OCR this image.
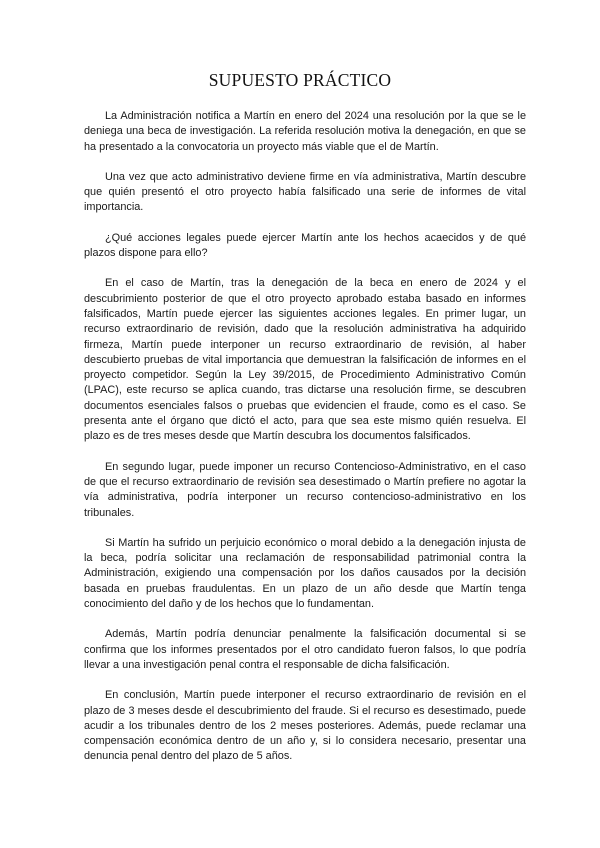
SUPUESTO PRÁCTICO

La Administración notifica a Martín en enero del 2024 una resolución por la que se le deniega una beca de investigación. La referida resolución motiva la denegación, en que se ha presentado a la convocatoria un proyecto más viable que el de Martín.

Una vez que acto administrativo deviene firme en vía administrativa, Martín descubre que quién presentó el otro proyecto había falsificado una serie de informes de vital importancia.

¿Qué acciones legales puede ejercer Martín ante los hechos acaecidos y de qué plazos dispone para ello?

En el caso de Martín, tras la denegación de la beca en enero de 2024 y el descubrimiento posterior de que el otro proyecto aprobado estaba basado en informes falsificados, Martín puede ejercer las siguientes acciones legales. En primer lugar, un recurso extraordinario de revisión, dado que la resolución administrativa ha adquirido firmeza, Martín puede interponer un recurso extraordinario de revisión, al haber descubierto pruebas de vital importancia que demuestran la falsificación de informes en el proyecto competidor. Según la Ley 39/2015, de Procedimiento Administrativo Común (LPAC), este recurso se aplica cuando, tras dictarse una resolución firme, se descubren documentos esenciales falsos o pruebas que evidencien el fraude, como es el caso. Se presenta ante el órgano que dictó el acto, para que sea este mismo quién resuelva. El plazo es de tres meses desde que Martín descubra los documentos falsificados.

En segundo lugar, puede imponer un recurso Contencioso-Administrativo, en el caso de que el recurso extraordinario de revisión sea desestimado o Martín prefiere no agotar la vía administrativa, podría interponer un recurso contencioso-administrativo en los tribunales.

Si Martín ha sufrido un perjuicio económico o moral debido a la denegación injusta de la beca, podría solicitar una reclamación de responsabilidad patrimonial contra la Administración, exigiendo una compensación por los daños causados por la decisión basada en pruebas fraudulentas. En un plazo de un año desde que Martín tenga conocimiento del daño y de los hechos que lo fundamentan.

Además, Martín podría denunciar penalmente la falsificación documental si se confirma que los informes presentados por el otro candidato fueron falsos, lo que podría llevar a una investigación penal contra el responsable de dicha falsificación.

En conclusión, Martín puede interponer el recurso extraordinario de revisión en el plazo de 3 meses desde el descubrimiento del fraude. Si el recurso es desestimado, puede acudir a los tribunales dentro de los 2 meses posteriores. Además, puede reclamar una compensación económica dentro de un año y, si lo considera necesario, presentar una denuncia penal dentro del plazo de 5 años.
